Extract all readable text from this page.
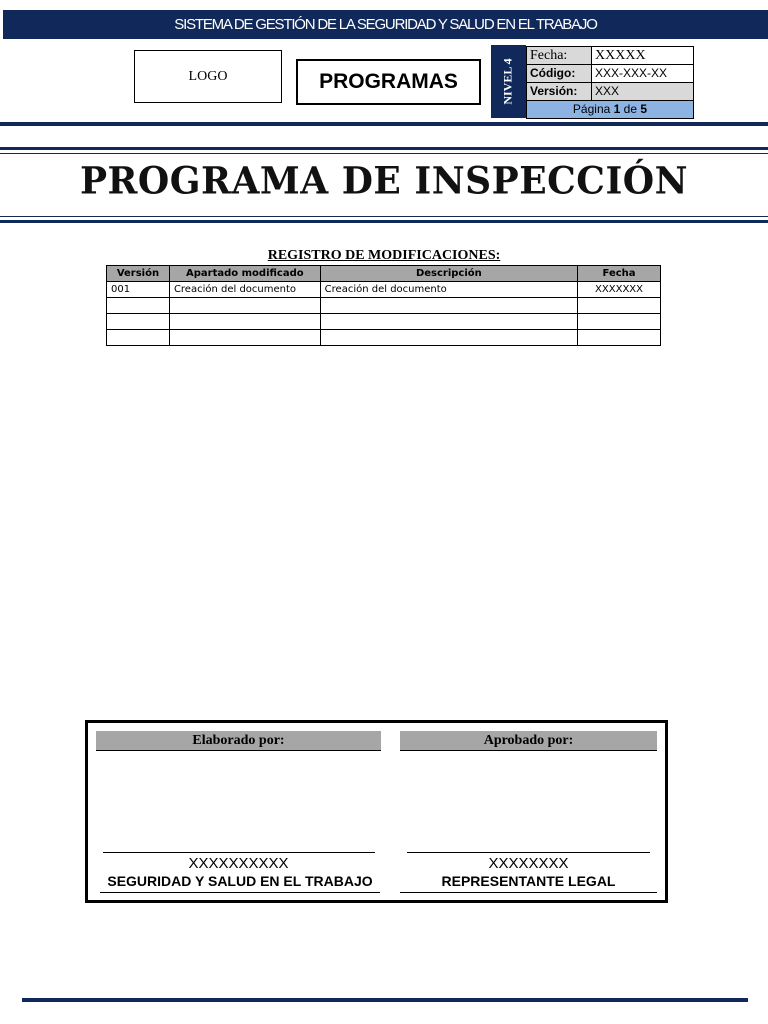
SISTEMA DE GESTIÓN DE LA SEGURIDAD Y SALUD EN EL TRABAJO
LOGO	PROGRAMAS	NIVEL 4
Fecha:	XXXXX
Código:	XXX-XXX-XX
Versión:	XXX
Página 1 de 5	
PROGRAMA DE INSPECCIÓN
REGISTRO DE MODIFICACIONES:
Versión	Apartado modificado	Descripción	Fecha
001	Creación del documento	Creación del documento	XXXXXXX

Elaborado por:	Aprobado por:
XXXXXXXXXX	XXXXXXXX
SEGURIDAD Y SALUD EN EL TRABAJO	REPRESENTANTE LEGAL
